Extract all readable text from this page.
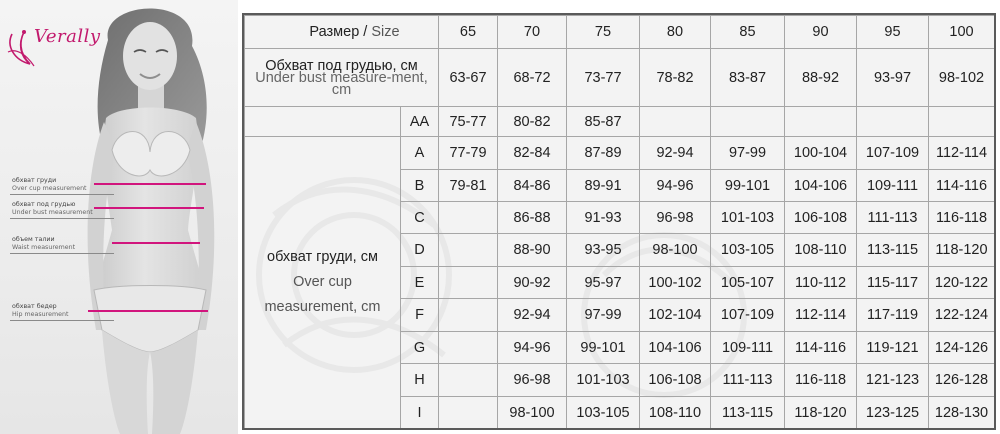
Verally
обхват груди
Over cup measurement
обхват под грудью
Under bust measurement
объем талии
Waist measurement
обхват бедер
Hip measurement
Размер / Size		65	70	75	80	85	90	95	100
Обхват под грудью, см
Under bust measure-ment, cm		63-67	68-72	73-77	78-82	83-87	88-92	93-97	98-102
	AA	75-77	80-82	85-87					
обхват груди, см
Over cup measurement, cm	A	77-79	82-84	87-89	92-94	97-99	100-104	107-109	112-114
	B	79-81	84-86	89-91	94-96	99-101	104-106	109-111	114-116
	C		86-88	91-93	96-98	101-103	106-108	111-113	116-118
	D		88-90	93-95	98-100	103-105	108-110	113-115	118-120
	E		90-92	95-97	100-102	105-107	110-112	115-117	120-122
	F		92-94	97-99	102-104	107-109	112-114	117-119	122-124
	G		94-96	99-101	104-106	109-111	114-116	119-121	124-126
	H		96-98	101-103	106-108	111-113	116-118	121-123	126-128
	I		98-100	103-105	108-110	113-115	118-120	123-125	128-130
